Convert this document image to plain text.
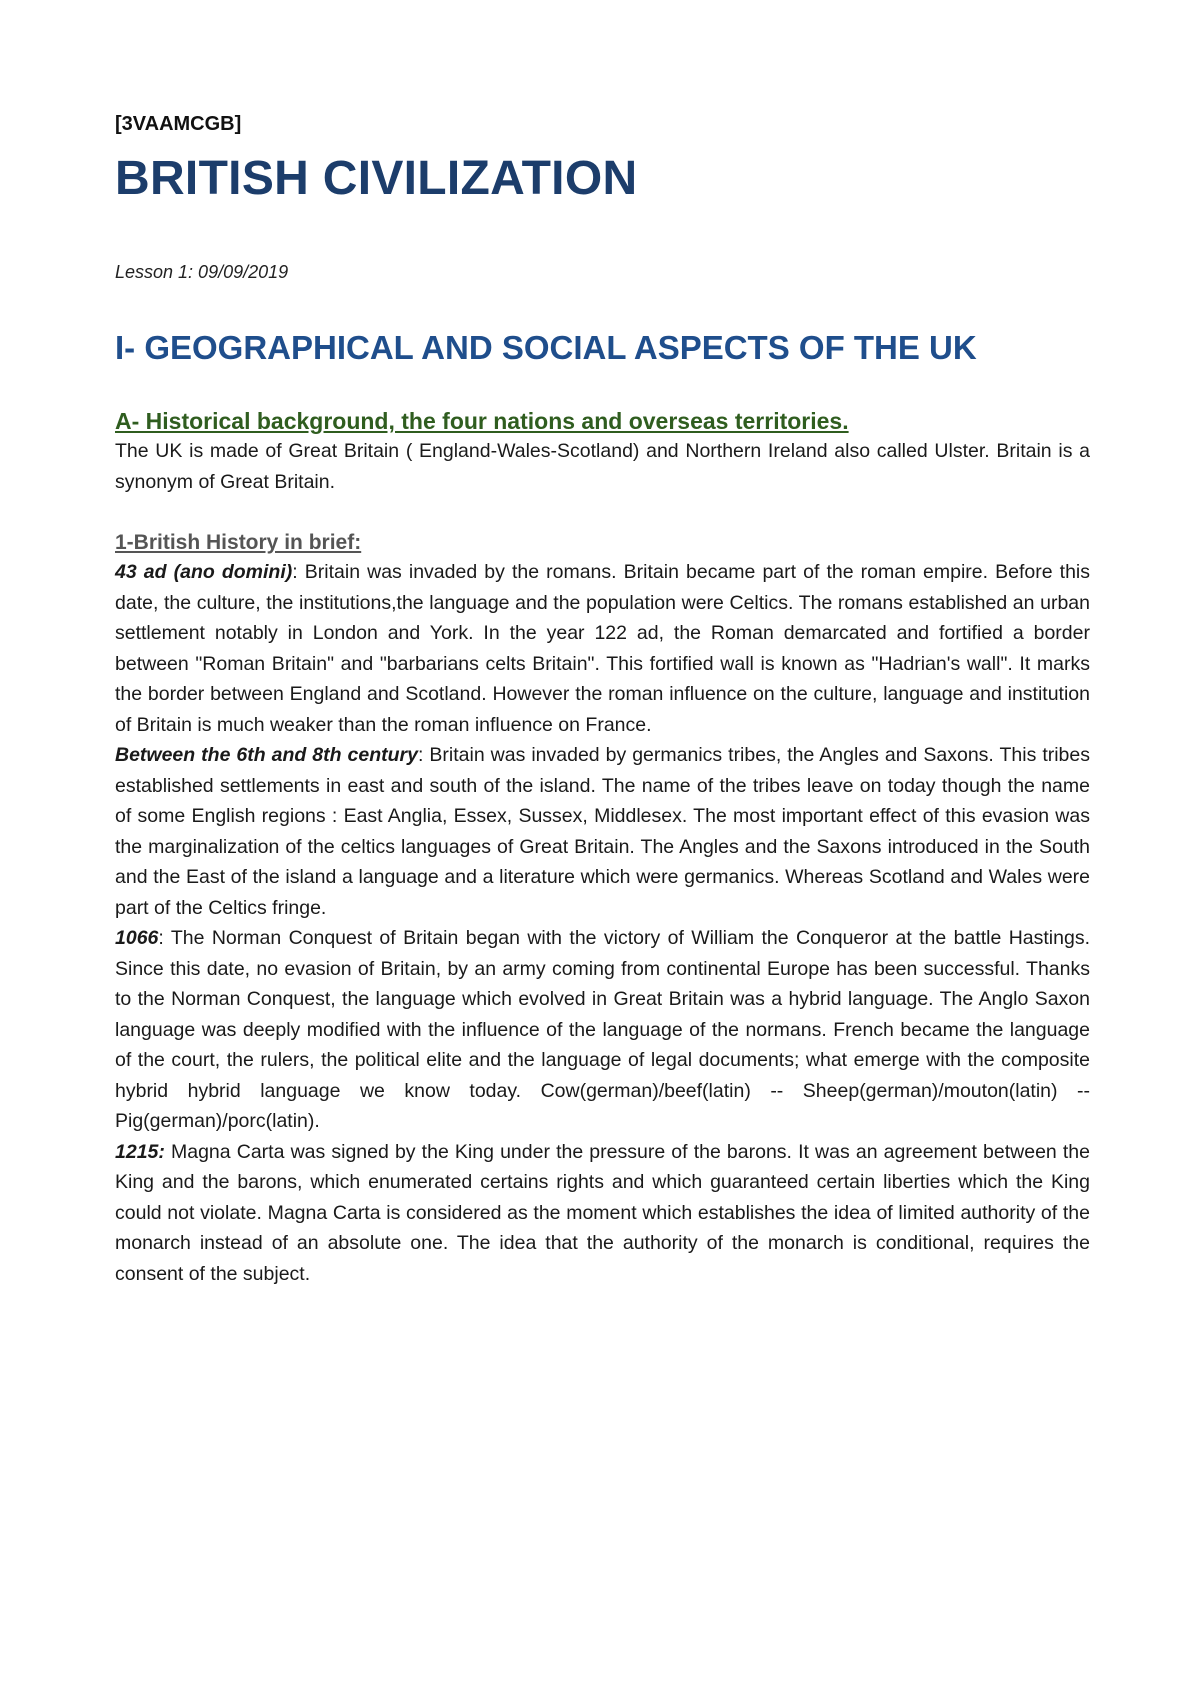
[3VAAMCGB]

BRITISH CIVILIZATION

Lesson 1: 09/09/2019

I- GEOGRAPHICAL AND SOCIAL ASPECTS OF THE UK
A- Historical background, the four nations and overseas territories.

The UK is made of Great Britain ( England-Wales-Scotland) and Northern Ireland also called Ulster. Britain is a synonym of Great Britain.

1-British History in brief:

43 ad (ano domini): Britain was invaded by the romans. Britain became part of the roman empire. Before this date, the culture, the institutions,the language and the population were Celtics. The romans established an urban settlement notably in London and York. In the year 122 ad, the Roman demarcated and fortified a border between "Roman Britain" and "barbarians celts Britain". This fortified wall is known as "Hadrian's wall". It marks the border between England and Scotland. However the roman influence on the culture, language and institution of Britain is much weaker than the roman influence on France.

Between the 6th and 8th century: Britain was invaded by germanics tribes, the Angles and Saxons. This tribes established settlements in east and south of the island. The name of the tribes leave on today though the name of some English regions : East Anglia, Essex, Sussex, Middlesex. The most important effect of this evasion was the marginalization of the celtics languages of Great Britain. The Angles and the Saxons introduced in the South and the East of the island a language and a literature which were germanics. Whereas Scotland and Wales were part of the Celtics fringe.

1066: The Norman Conquest of Britain began with the victory of William the Conqueror at the battle Hastings. Since this date, no evasion of Britain, by an army coming from continental Europe has been successful. Thanks to the Norman Conquest, the language which evolved in Great Britain was a hybrid language. The Anglo Saxon language was deeply modified with the influence of the language of the normans. French became the language of the court, the rulers, the political elite and the language of legal documents; what emerge with the composite hybrid hybrid language we know today. Cow(german)/beef(latin) -- Sheep(german)/mouton(latin) -- Pig(german)/porc(latin).

1215: Magna Carta was signed by the King under the pressure of the barons. It was an agreement between the King and the barons, which enumerated certains rights and which guaranteed certain liberties which the King could not violate. Magna Carta is considered as the moment which establishes the idea of limited authority of the monarch instead of an absolute one. The idea that the authority of the monarch is conditional, requires the consent of the subject.
